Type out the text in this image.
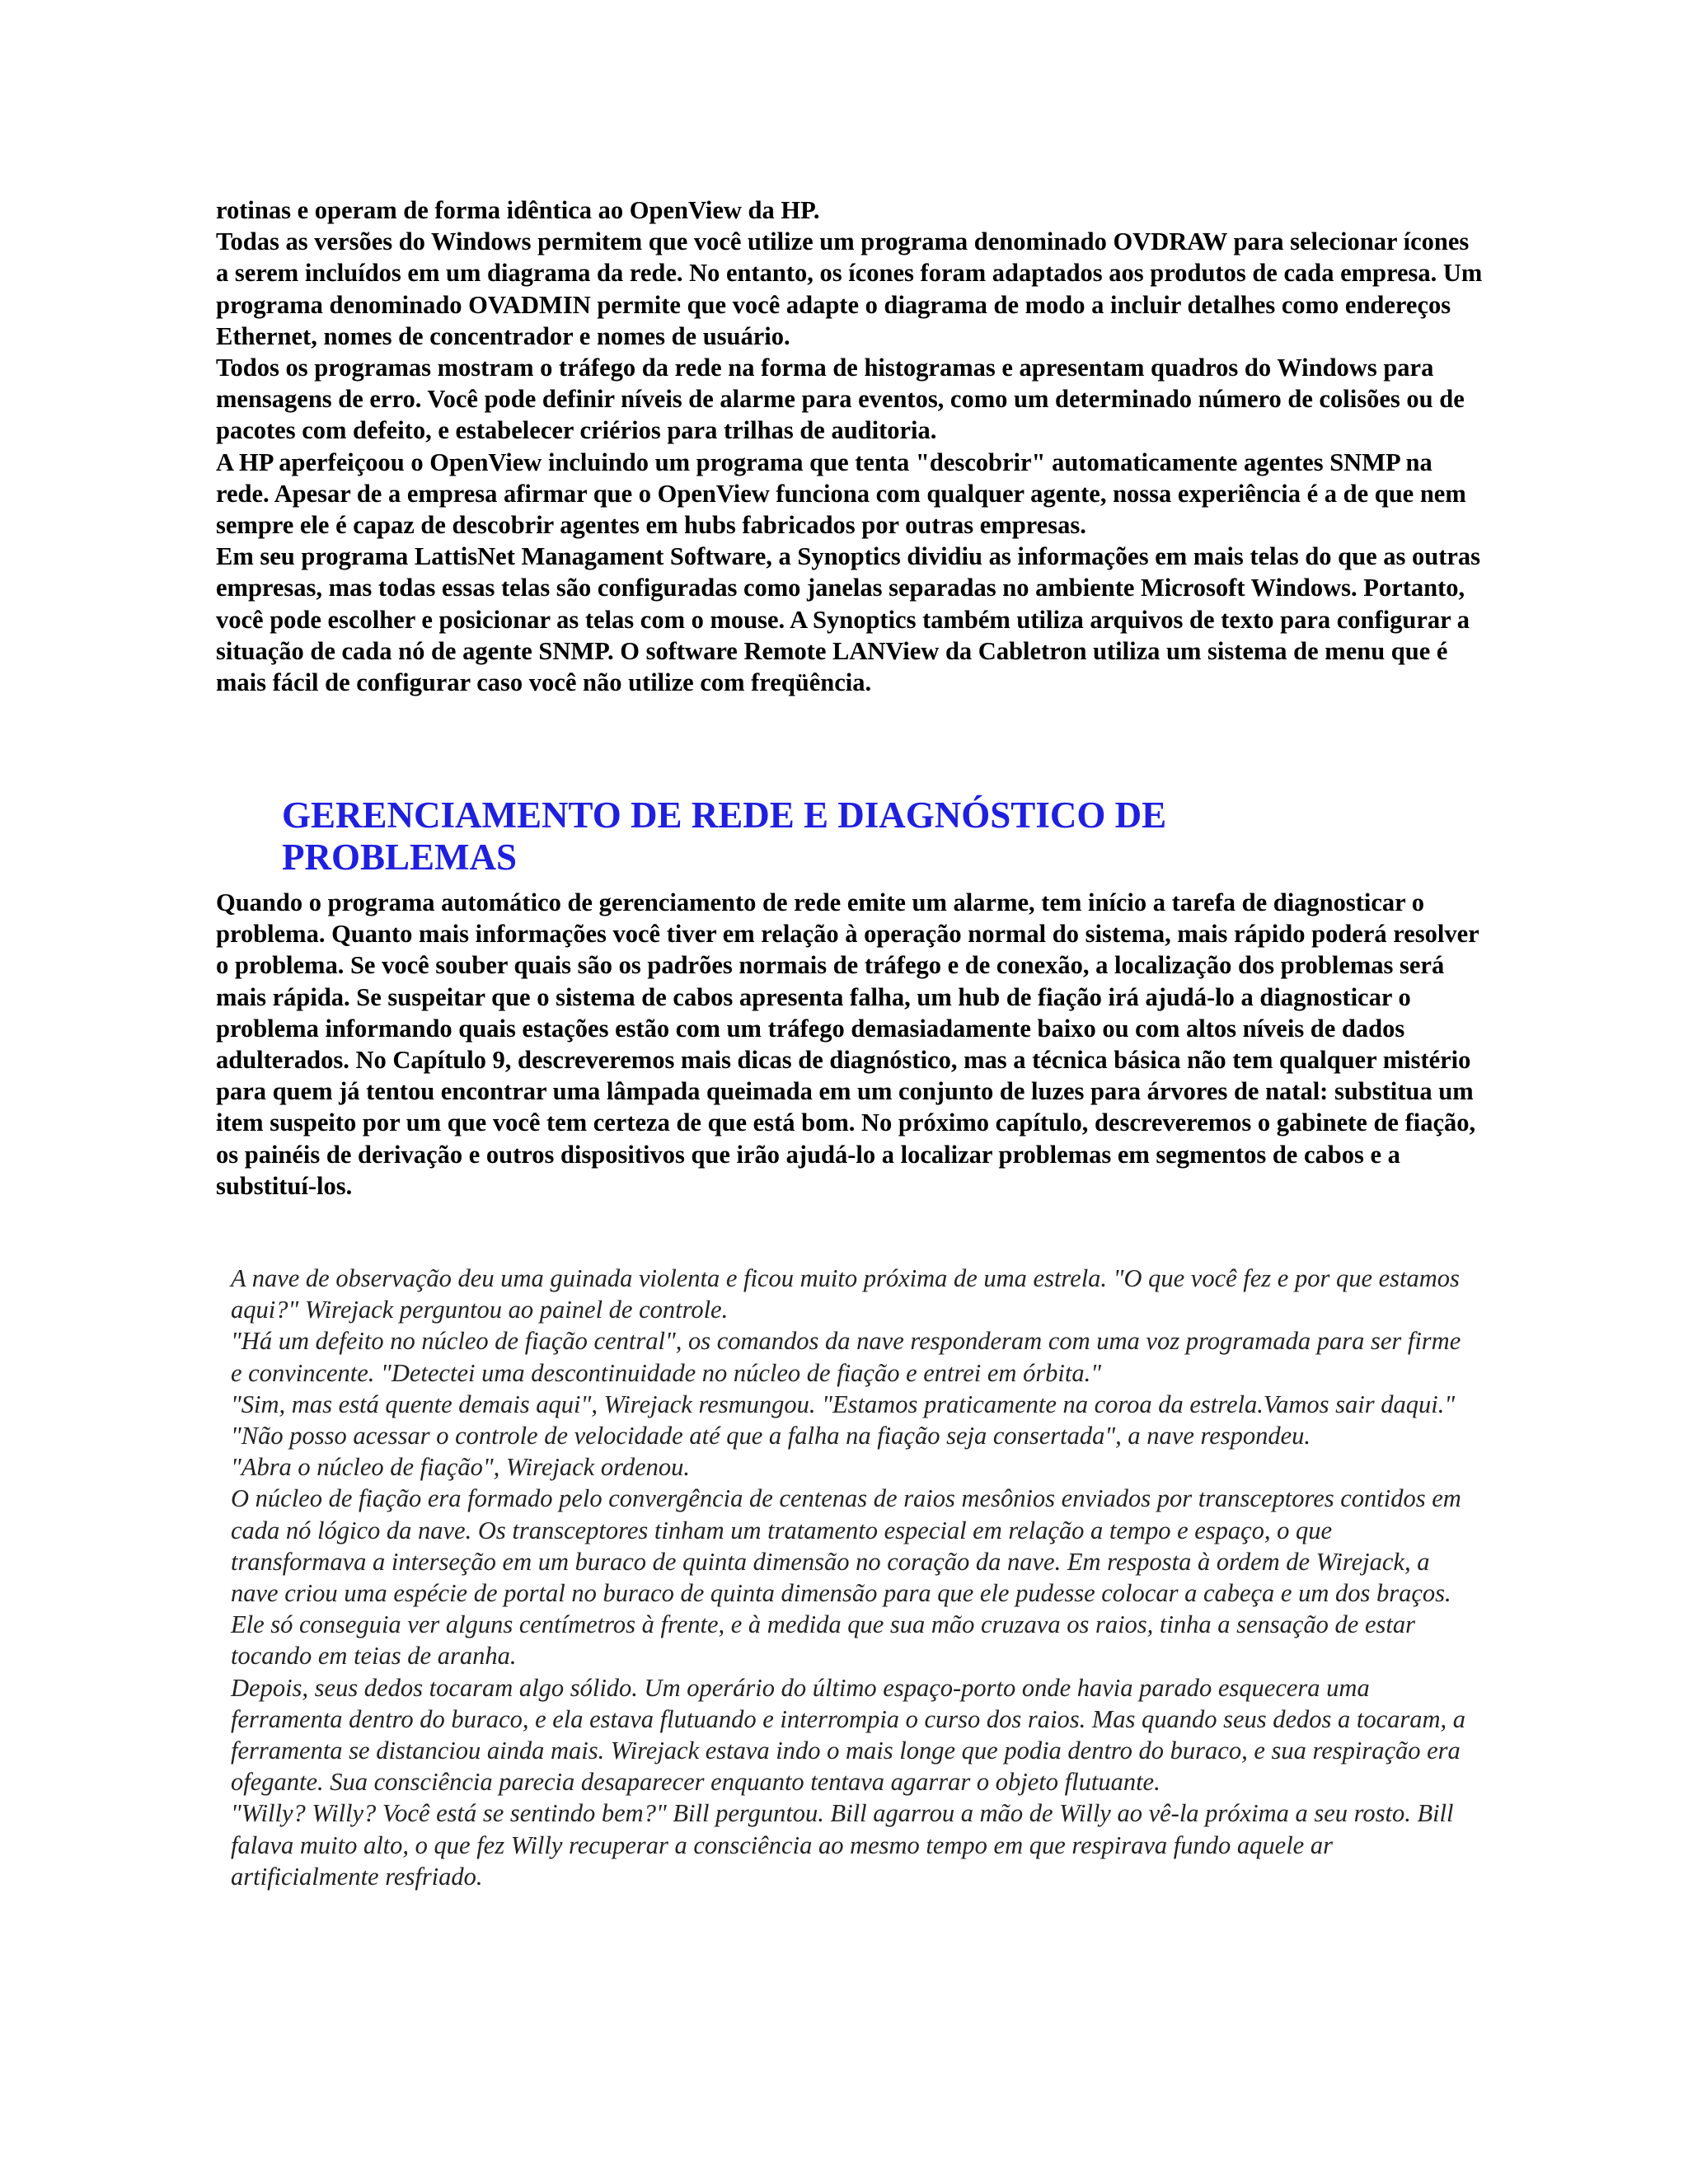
rotinas e operam de forma idêntica ao OpenView da HP.

Todas as versões do Windows permitem que você utilize um programa denominado OVDRAW para selecionar ícones a serem incluídos em um diagrama da rede. No entanto, os ícones foram adaptados aos produtos de cada empresa. Um programa denominado OVADMIN permite que você adapte o diagrama de modo a incluir detalhes como endereços Ethernet, nomes de concentrador e nomes de usuário.

Todos os programas mostram o tráfego da rede na forma de histogramas e apresentam quadros do Windows para mensagens de erro. Você pode definir níveis de alarme para eventos, como um determinado número de colisões ou de pacotes com defeito, e estabelecer criérios para trilhas de auditoria.

A HP aperfeiçoou o OpenView incluindo um programa que tenta "descobrir" automaticamente agentes SNMP na rede. Apesar de a empresa afirmar que o OpenView funciona com qualquer agente, nossa experiência é a de que nem sempre ele é capaz de descobrir agentes em hubs fabricados por outras empresas.

Em seu programa LattisNet Managament Software, a Synoptics dividiu as informações em mais telas do que as outras empresas, mas todas essas telas são configuradas como janelas separadas no ambiente Microsoft Windows. Portanto, você pode escolher e posicionar as telas com o mouse. A Synoptics também utiliza arquivos de texto para configurar a situação de cada nó de agente SNMP. O software Remote LANView da Cabletron utiliza um sistema de menu que é mais fácil de configurar caso você não utilize com freqüência.

GERENCIAMENTO DE REDE E DIAGNÓSTICO DE PROBLEMAS

Quando o programa automático de gerenciamento de rede emite um alarme, tem início a tarefa de diagnosticar o problema. Quanto mais informações você tiver em relação à operação normal do sistema, mais rápido poderá resolver o problema. Se você souber quais são os padrões normais de tráfego e de conexão, a localização dos problemas será mais rápida. Se suspeitar que o sistema de cabos apresenta falha, um hub de fiação irá ajudá-lo a diagnosticar o problema informando quais estações estão com um tráfego demasiadamente baixo ou com altos níveis de dados adulterados. No Capítulo 9, descreveremos mais dicas de diagnóstico, mas a técnica básica não tem qualquer mistério para quem já tentou encontrar uma lâmpada queimada em um conjunto de luzes para árvores de natal: substitua um item suspeito por um que você tem certeza de que está bom. No próximo capítulo, descreveremos o gabinete de fiação, os painéis de derivação e outros dispositivos que irão ajudá-lo a localizar problemas em segmentos de cabos e a substituí-los.

A nave de observação deu uma guinada violenta e ficou muito próxima de uma estrela. "O que você fez e por que estamos aqui?" Wirejack perguntou ao painel de controle.

"Há um defeito no núcleo de fiação central", os comandos da nave responderam com uma voz programada para ser firme e convincente. "Detectei uma descontinuidade no núcleo de fiação e entrei em órbita."

"Sim, mas está quente demais aqui", Wirejack resmungou. "Estamos praticamente na coroa da estrela.Vamos sair daqui."

"Não posso acessar o controle de velocidade até que a falha na fiação seja consertada", a nave respondeu.

"Abra o núcleo de fiação", Wirejack ordenou.

O núcleo de fiação era formado pelo convergência de centenas de raios mesônios enviados por transceptores contidos em cada nó lógico da nave. Os transceptores tinham um tratamento especial em relação a tempo e espaço, o que transformava a interseção em um buraco de quinta dimensão no coração da nave. Em resposta à ordem de Wirejack, a nave criou uma espécie de portal no buraco de quinta dimensão para que ele pudesse colocar a cabeça e um dos braços. Ele só conseguia ver alguns centímetros à frente, e à medida que sua mão cruzava os raios, tinha a sensação de estar tocando em teias de aranha.

Depois, seus dedos tocaram algo sólido. Um operário do último espaço-porto onde havia parado esquecera uma ferramenta dentro do buraco, e ela estava flutuando e interrompia o curso dos raios. Mas quando seus dedos a tocaram, a ferramenta se distanciou ainda mais. Wirejack estava indo o mais longe que podia dentro do buraco, e sua respiração era ofegante. Sua consciência parecia desaparecer enquanto tentava agarrar o objeto flutuante.

"Willy? Willy? Você está se sentindo bem?" Bill perguntou. Bill agarrou a mão de Willy ao vê-la próxima a seu rosto. Bill falava muito alto, o que fez Willy recuperar a consciência ao mesmo tempo em que respirava fundo aquele ar artificialmente resfriado.
